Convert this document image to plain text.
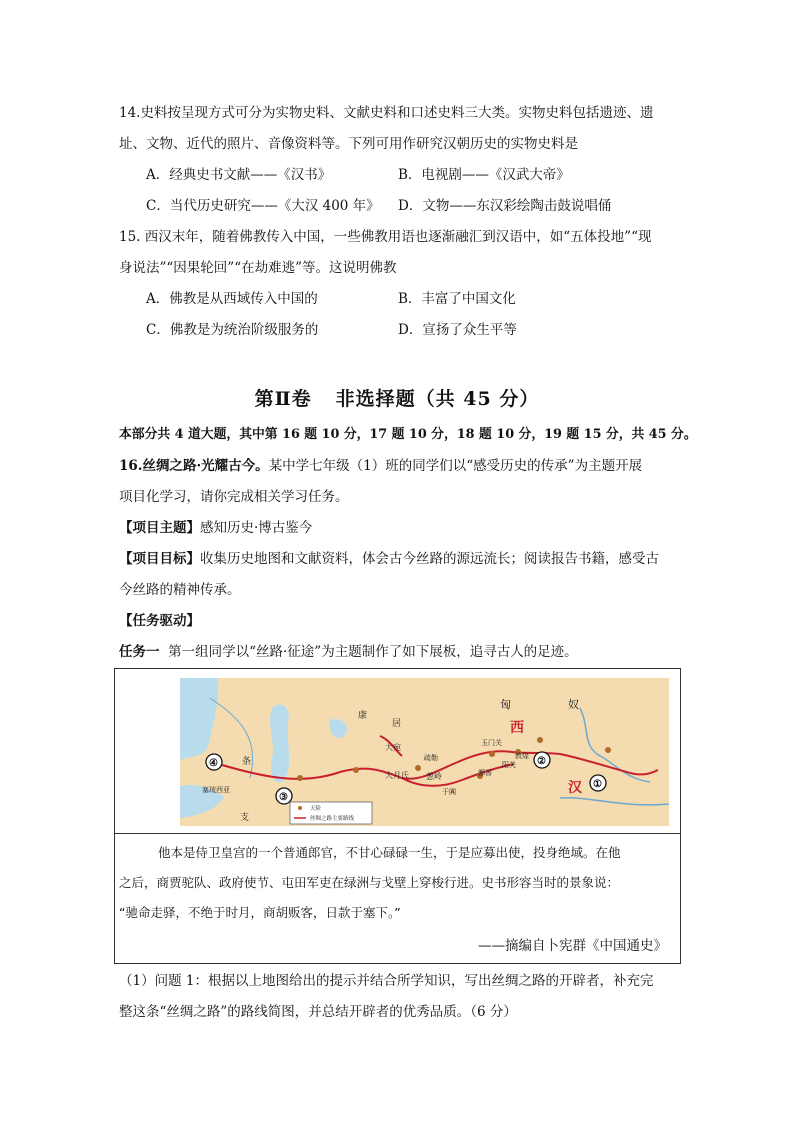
14.史料按呈现方式可分为实物史料、文献史料和口述史料三大类。实物史料包括遗迹、遗
址、文物、近代的照片、音像资料等。下列可用作研究汉朝历史的实物史料是
A．经典史书文献——《汉书》	B．电视剧——《汉武大帝》
C．当代历史研究——《大汉 400 年》 D．文物——东汉彩绘陶击鼓说唱俑
15. 西汉末年，随着佛教传入中国，一些佛教用语也逐渐融汇到汉语中，如“五体投地”“现
身说法”“因果轮回”“在劫难逃”等。这说明佛教
A．佛教是从西域传入中国的	B．丰富了中国文化
C．佛教是为统治阶级服务的	D．宣扬了众生平等
第Ⅱ卷 非选择题（共 45 分）
本部分共 4 道大题，其中第 16 题 10 分，17 题 10 分，18 题 10 分，19 题 15 分，共 45 分。
16.丝绸之路·光耀古今。某中学七年级（1）班的同学们以“感受历史的传承”为主题开展
项目化学习，请你完成相关学习任务。
【项目主题】感知历史·博古鉴今
【项目目标】收集历史地图和文献资料，体会古今丝路的源远流长；阅读报告书籍，感受古
今丝路的精神传承。
【任务驱动】
任务一 第一组同学以“丝路·征途”为主题制作了如下展板，追寻古人的足迹。
匈	奴
西
汉
康
居
大宛
疏勒
大月氏 葱岭
玉门关
敦煌
阳关
鄯善
于阗
条
支
塞琉西亚
④
③
②
①
天险
丝绸之路主要路线
他本是侍卫皇宫的一个普通郎官，不甘心碌碌一生，于是应募出使，投身绝域。在他
之后，商贾驼队、政府使节、屯田军吏在绿洲与戈壁上穿梭行进。史书形容当时的景象说：
“驰命走驿，不绝于时月，商胡贩客，日款于塞下。”
——摘编自卜宪群《中国通史》
（1）问题 1：根据以上地图给出的提示并结合所学知识，写出丝绸之路的开辟者，补充完
整这条“丝绸之路”的路线简图，并总结开辟者的优秀品质。（6 分）
